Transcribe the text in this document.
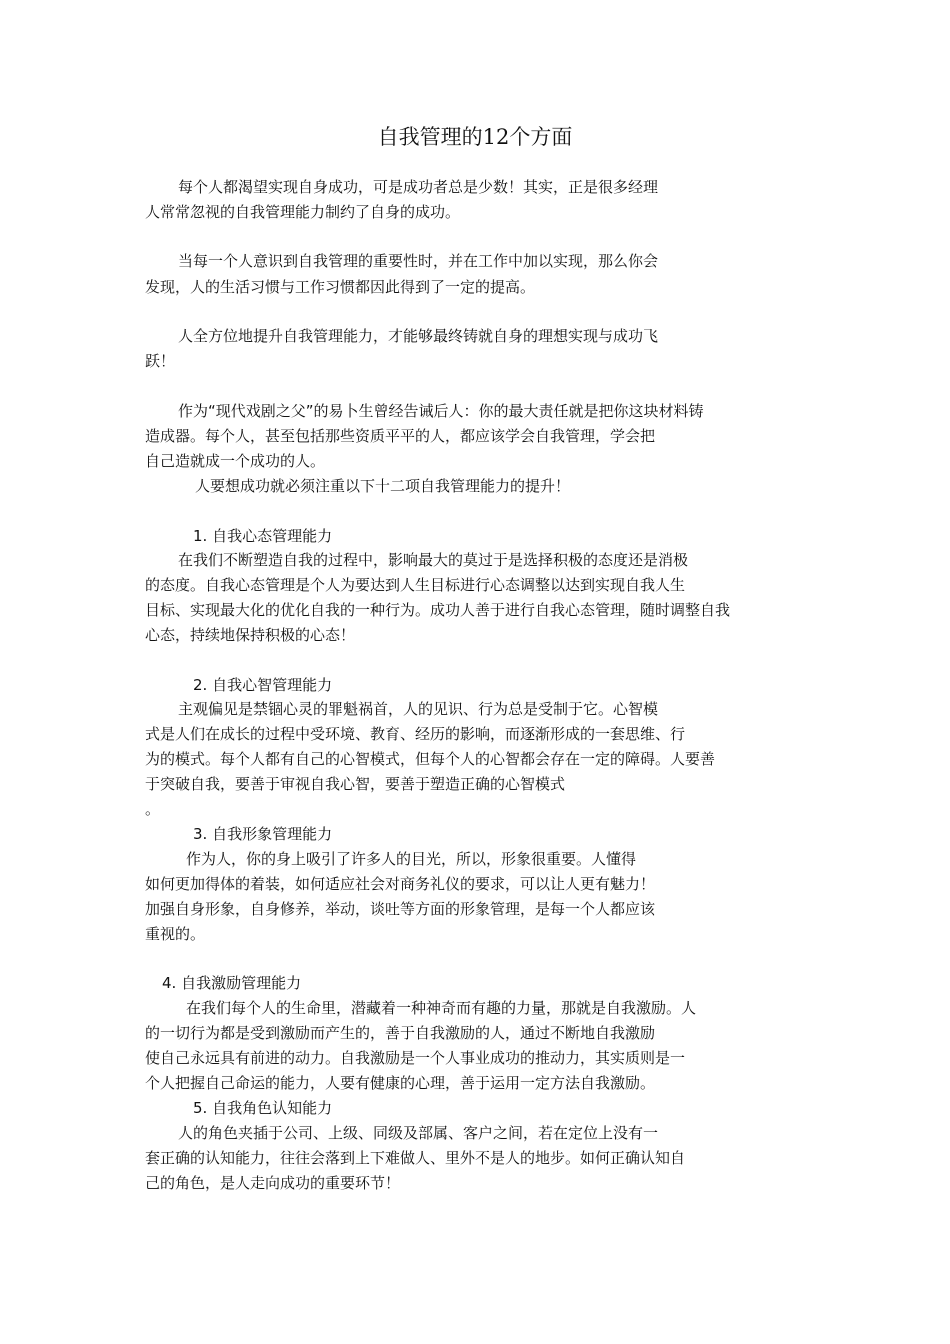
自我管理的12个方面
每个人都渴望实现自身成功，可是成功者总是少数！其实，正是很多经理
人常常忽视的自我管理能力制约了自身的成功。
当每一个人意识到自我管理的重要性时，并在工作中加以实现，那么你会
发现，人的生活习惯与工作习惯都因此得到了一定的提高。
人全方位地提升自我管理能力，才能够最终铸就自身的理想实现与成功飞
跃！
作为“现代戏剧之父”的易卜生曾经告诫后人：你的最大责任就是把你这块材料铸
造成器。每个人，甚至包括那些资质平平的人，都应该学会自我管理，学会把
自己造就成一个成功的人。
人要想成功就必须注重以下十二项自我管理能力的提升！
1. 自我心态管理能力
在我们不断塑造自我的过程中，影响最大的莫过于是选择积极的态度还是消极
的态度。自我心态管理是个人为要达到人生目标进行心态调整以达到实现自我人生
目标、实现最大化的优化自我的一种行为。成功人善于进行自我心态管理，随时调整自我
心态，持续地保持积极的心态！
2. 自我心智管理能力
主观偏见是禁锢心灵的罪魁祸首，人的见识、行为总是受制于它。心智模
式是人们在成长的过程中受环境、教育、经历的影响，而逐渐形成的一套思维、行
为的模式。每个人都有自己的心智模式，但每个人的心智都会存在一定的障碍。人要善
于突破自我，要善于审视自我心智，要善于塑造正确的心智模式
。
3. 自我形象管理能力
作为人，你的身上吸引了许多人的目光，所以，形象很重要。人懂得
如何更加得体的着装，如何适应社会对商务礼仪的要求，可以让人更有魅力！
加强自身形象，自身修养，举动，谈吐等方面的形象管理，是每一个人都应该
重视的。
4. 自我激励管理能力
在我们每个人的生命里，潜藏着一种神奇而有趣的力量，那就是自我激励。人
的一切行为都是受到激励而产生的，善于自我激励的人，通过不断地自我激励
使自己永远具有前进的动力。自我激励是一个人事业成功的推动力，其实质则是一
个人把握自己命运的能力，人要有健康的心理，善于运用一定方法自我激励。
5. 自我角色认知能力
人的角色夹插于公司、上级、同级及部属、客户之间，若在定位上没有一
套正确的认知能力，往往会落到上下难做人、里外不是人的地步。如何正确认知自
己的角色，是人走向成功的重要环节！
